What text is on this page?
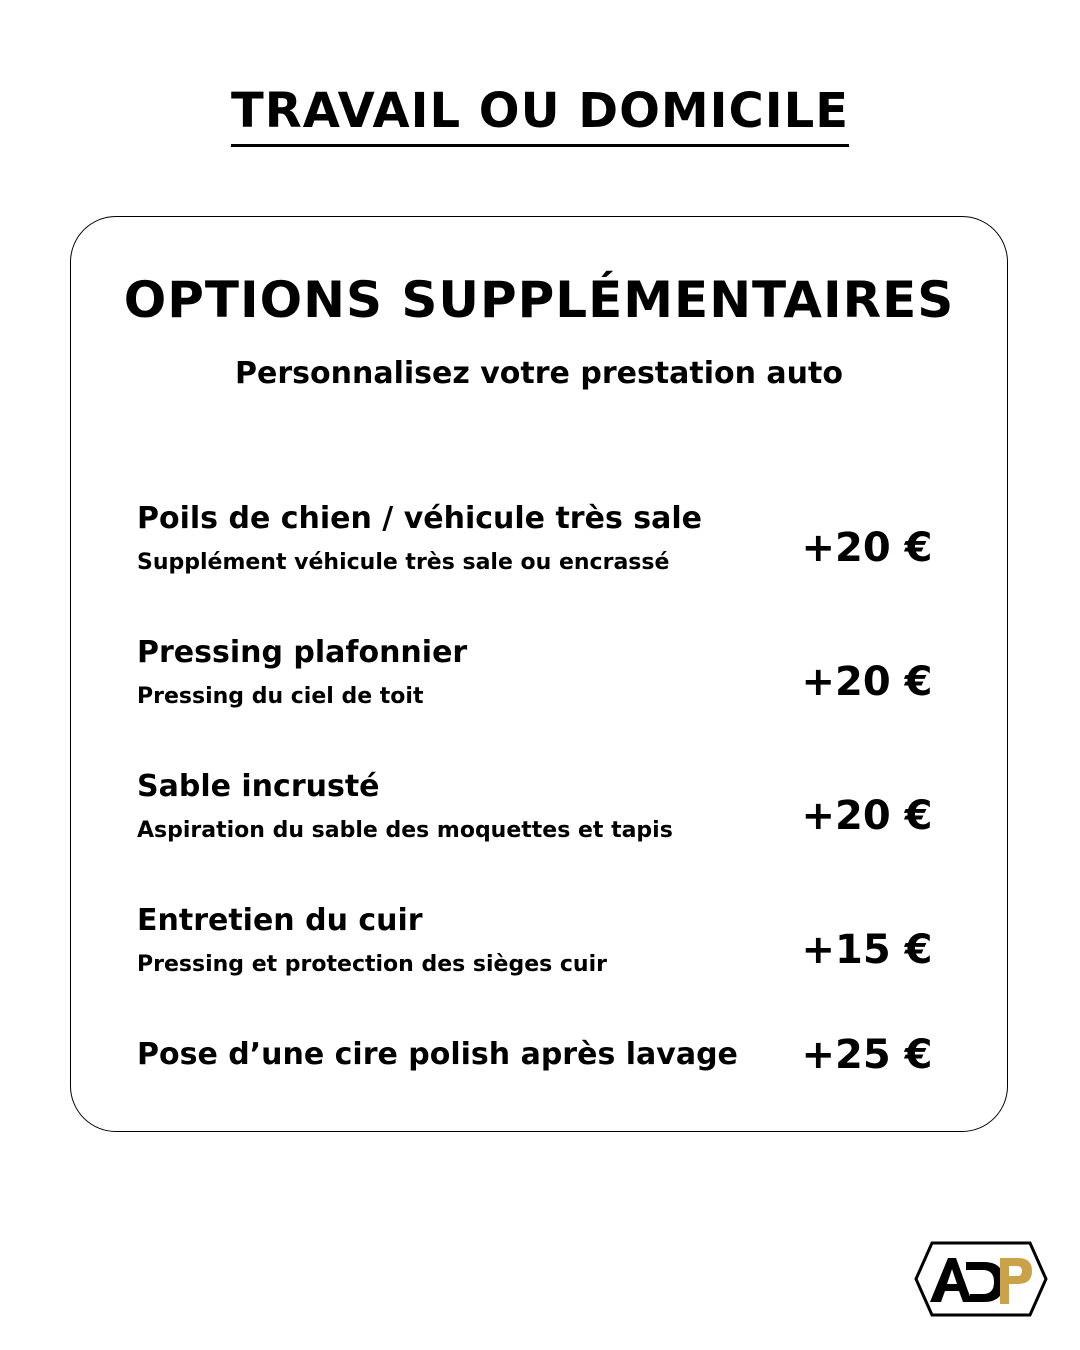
TRAVAIL OU DOMICILE
OPTIONS SUPPLÉMENTAIRES

Personnalisez votre prestation auto

Poils de chien / véhicule très sale
Supplément véhicule très sale ou encrassé	+20 €
Pressing plafonnier
Pressing du ciel de toit	+20 €
Sable incrusté
Aspiration du sable des moquettes et tapis	+20 €
Entretien du cuir
Pressing et protection des sièges cuir	+15 €
Pose d’une cire polish après lavage	+25 €
